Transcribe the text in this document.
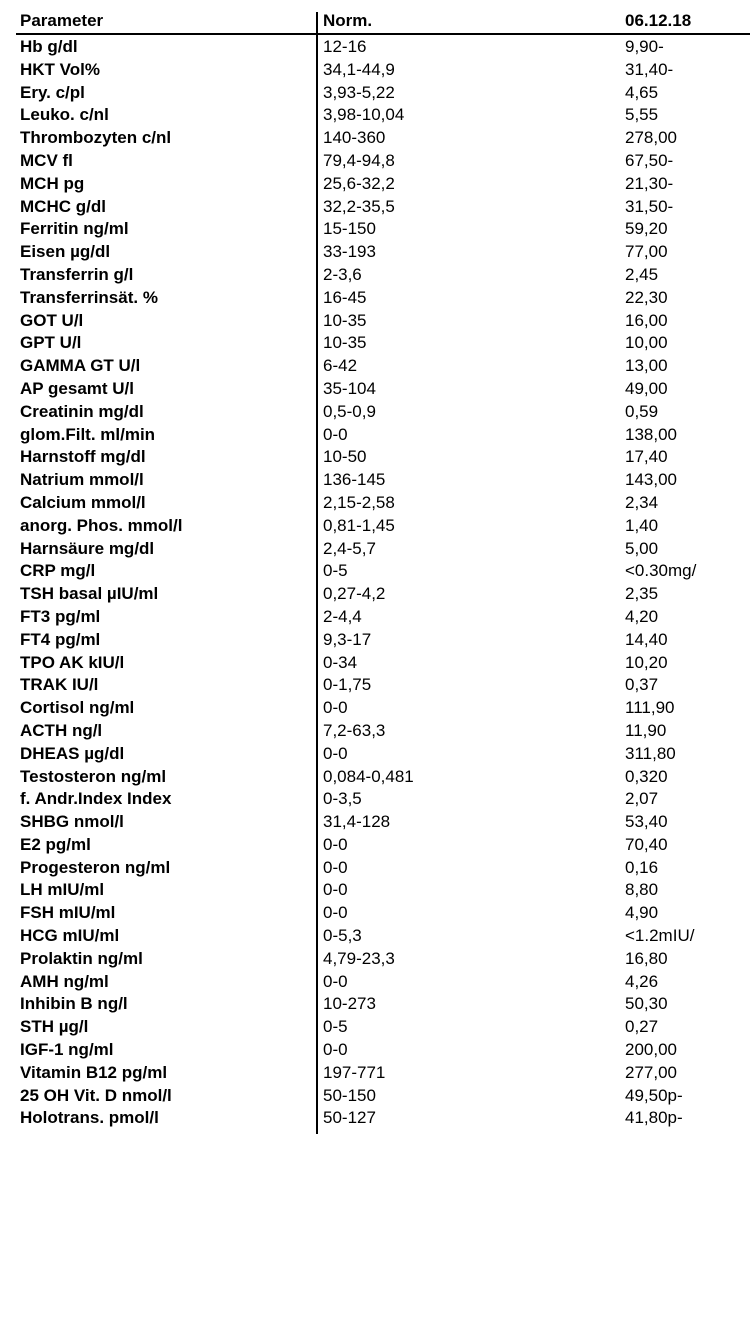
Parameter	Norm.	06.12.18
Hb g/dl	12-16	9,90-
HKT Vol%	34,1-44,9	31,40-
Ery. c/pl	3,93-5,22	4,65
Leuko. c/nl	3,98-10,04	5,55
Thrombozyten c/nl	140-360	278,00
MCV fl	79,4-94,8	67,50-
MCH pg	25,6-32,2	21,30-
MCHC g/dl	32,2-35,5	31,50-
Ferritin ng/ml	15-150	59,20
Eisen µg/dl	33-193	77,00
Transferrin g/l	2-3,6	2,45
Transferrinsät. %	16-45	22,30
GOT U/l	10-35	16,00
GPT U/l	10-35	10,00
GAMMA GT U/l	6-42	13,00
AP gesamt U/l	35-104	49,00
Creatinin mg/dl	0,5-0,9	0,59
glom.Filt. ml/min	0-0	138,00
Harnstoff mg/dl	10-50	17,40
Natrium mmol/l	136-145	143,00
Calcium mmol/l	2,15-2,58	2,34
anorg. Phos. mmol/l	0,81-1,45	1,40
Harnsäure mg/dl	2,4-5,7	5,00
CRP mg/l	0-5	<0.30mg/
TSH basal µIU/ml	0,27-4,2	2,35
FT3 pg/ml	2-4,4	4,20
FT4 pg/ml	9,3-17	14,40
TPO AK kIU/l	0-34	10,20
TRAK IU/l	0-1,75	0,37
Cortisol ng/ml	0-0	111,90
ACTH ng/l	7,2-63,3	11,90
DHEAS µg/dl	0-0	311,80
Testosteron ng/ml	0,084-0,481	0,320
f. Andr.Index Index	0-3,5	2,07
SHBG nmol/l	31,4-128	53,40
E2 pg/ml	0-0	70,40
Progesteron ng/ml	0-0	0,16
LH mIU/ml	0-0	8,80
FSH mIU/ml	0-0	4,90
HCG mIU/ml	0-5,3	<1.2mIU/
Prolaktin ng/ml	4,79-23,3	16,80
AMH ng/ml	0-0	4,26
Inhibin B ng/l	10-273	50,30
STH µg/l	0-5	0,27
IGF-1 ng/ml	0-0	200,00
Vitamin B12 pg/ml	197-771	277,00
25 OH Vit. D nmol/l	50-150	49,50p-
Holotrans. pmol/l	50-127	41,80p-
